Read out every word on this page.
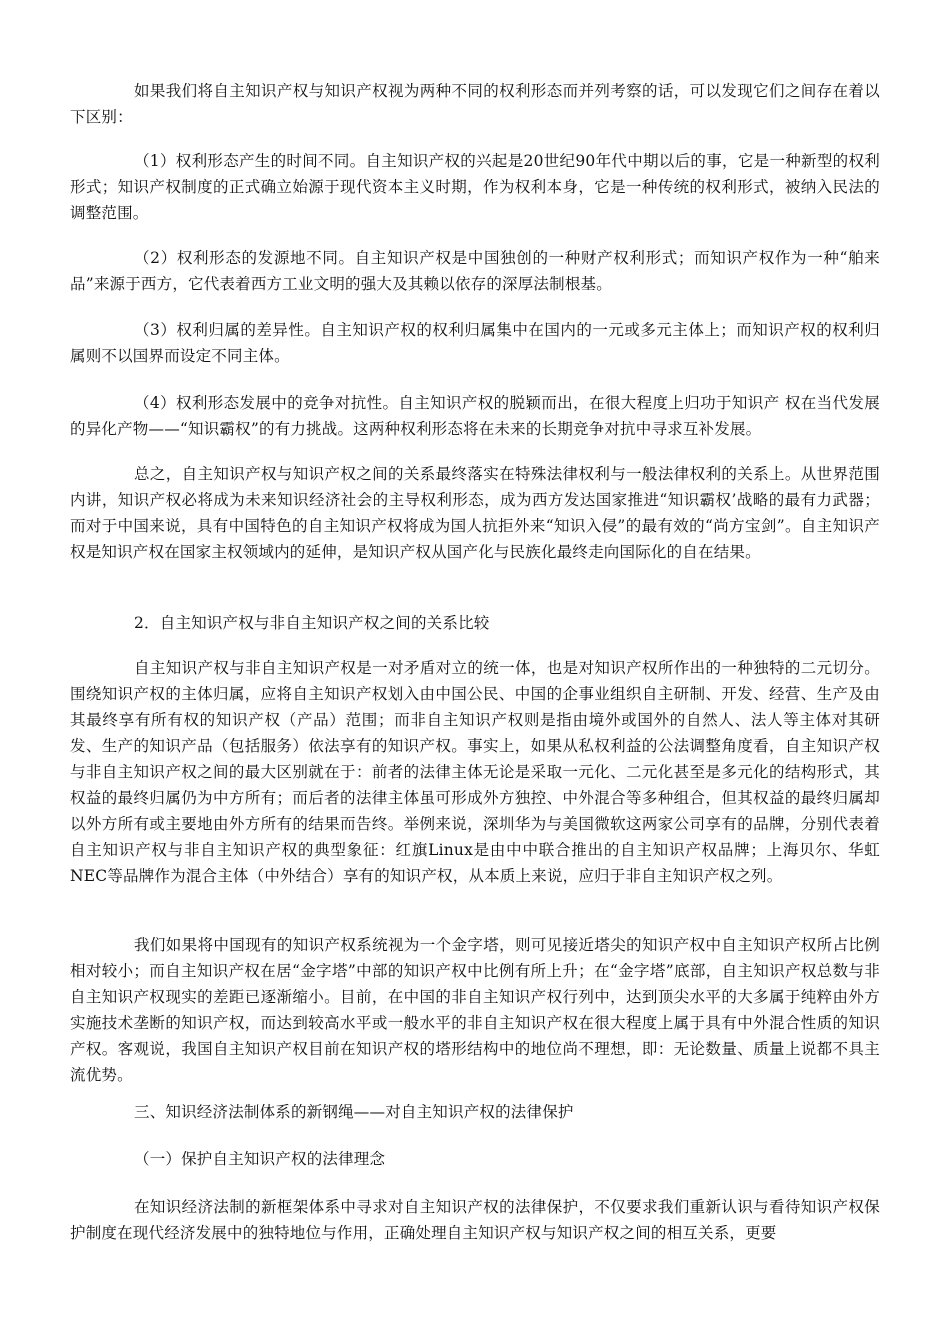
如果我们将自主知识产权与知识产权视为两种不同的权利形态而并列考察的话，可以发现它们之间存在着以下区别：

（1）权利形态产生的时间不同。自主知识产权的兴起是20世纪90年代中期以后的事，它是一种新型的权利形式；知识产权制度的正式确立始源于现代资本主义时期，作为权利本身，它是一种传统的权利形式，被纳入民法的调整范围。

（2）权利形态的发源地不同。自主知识产权是中国独创的一种财产权利形式；而知识产权作为一种“舶来品”来源于西方，它代表着西方工业文明的强大及其赖以依存的深厚法制根基。

（3）权利归属的差异性。自主知识产权的权利归属集中在国内的一元或多元主体上；而知识产权的权利归属则不以国界而设定不同主体。

（4）权利形态发展中的竞争对抗性。自主知识产权的脱颖而出，在很大程度上归功于知识产 权在当代发展的异化产物——“知识霸权”的有力挑战。这两种权利形态将在未来的长期竞争对抗中寻求互补发展。

总之，自主知识产权与知识产权之间的关系最终落实在特殊法律权利与一般法律权利的关系上。从世界范围内讲，知识产权必将成为未来知识经济社会的主导权利形态，成为西方发达国家推进“知识霸权’战略的最有力武器；而对于中国来说，具有中国特色的自主知识产权将成为国人抗拒外来“知识入侵”的最有效的“尚方宝剑”。自主知识产权是知识产权在国家主权领域内的延伸，是知识产权从国产化与民族化最终走向国际化的自在结果。

2．自主知识产权与非自主知识产权之间的关系比较

自主知识产权与非自主知识产权是一对矛盾对立的统一体，也是对知识产权所作出的一种独特的二元切分。围绕知识产权的主体归属，应将自主知识产权划入由中国公民、中国的企事业组织自主研制、开发、经营、生产及由其最终享有所有权的知识产权（产品）范围；而非自主知识产权则是指由境外或国外的自然人、法人等主体对其研发、生产的知识产品（包括服务）依法享有的知识产权。事实上，如果从私权利益的公法调整角度看，自主知识产权与非自主知识产权之间的最大区别就在于：前者的法律主体无论是采取一元化、二元化甚至是多元化的结构形式，其权益的最终归属仍为中方所有；而后者的法律主体虽可形成外方独控、中外混合等多种组合，但其权益的最终归属却以外方所有或主要地由外方所有的结果而告终。举例来说，深圳华为与美国微软这两家公司享有的品牌，分别代表着自主知识产权与非自主知识产权的典型象征：红旗Linux是由中中联合推出的自主知识产权品牌；上海贝尔、华虹NEC等品牌作为混合主体（中外结合）享有的知识产权，从本质上来说，应归于非自主知识产权之列。

我们如果将中国现有的知识产权系统视为一个金字塔，则可见接近塔尖的知识产权中自主知识产权所占比例相对较小；而自主知识产权在居“金字塔”中部的知识产权中比例有所上升；在“金字塔”底部，自主知识产权总数与非自主知识产权现实的差距已逐渐缩小。目前，在中国的非自主知识产权行列中，达到顶尖水平的大多属于纯粹由外方实施技术垄断的知识产权，而达到较高水平或一般水平的非自主知识产权在很大程度上属于具有中外混合性质的知识产权。客观说，我国自主知识产权目前在知识产权的塔形结构中的地位尚不理想，即：无论数量、质量上说都不具主流优势。

三、知识经济法制体系的新钢绳——对自主知识产权的法律保护

（一）保护自主知识产权的法律理念

在知识经济法制的新框架体系中寻求对自主知识产权的法律保护，不仅要求我们重新认识与看待知识产权保护制度在现代经济发展中的独特地位与作用，正确处理自主知识产权与知识产权之间的相互关系，更要
